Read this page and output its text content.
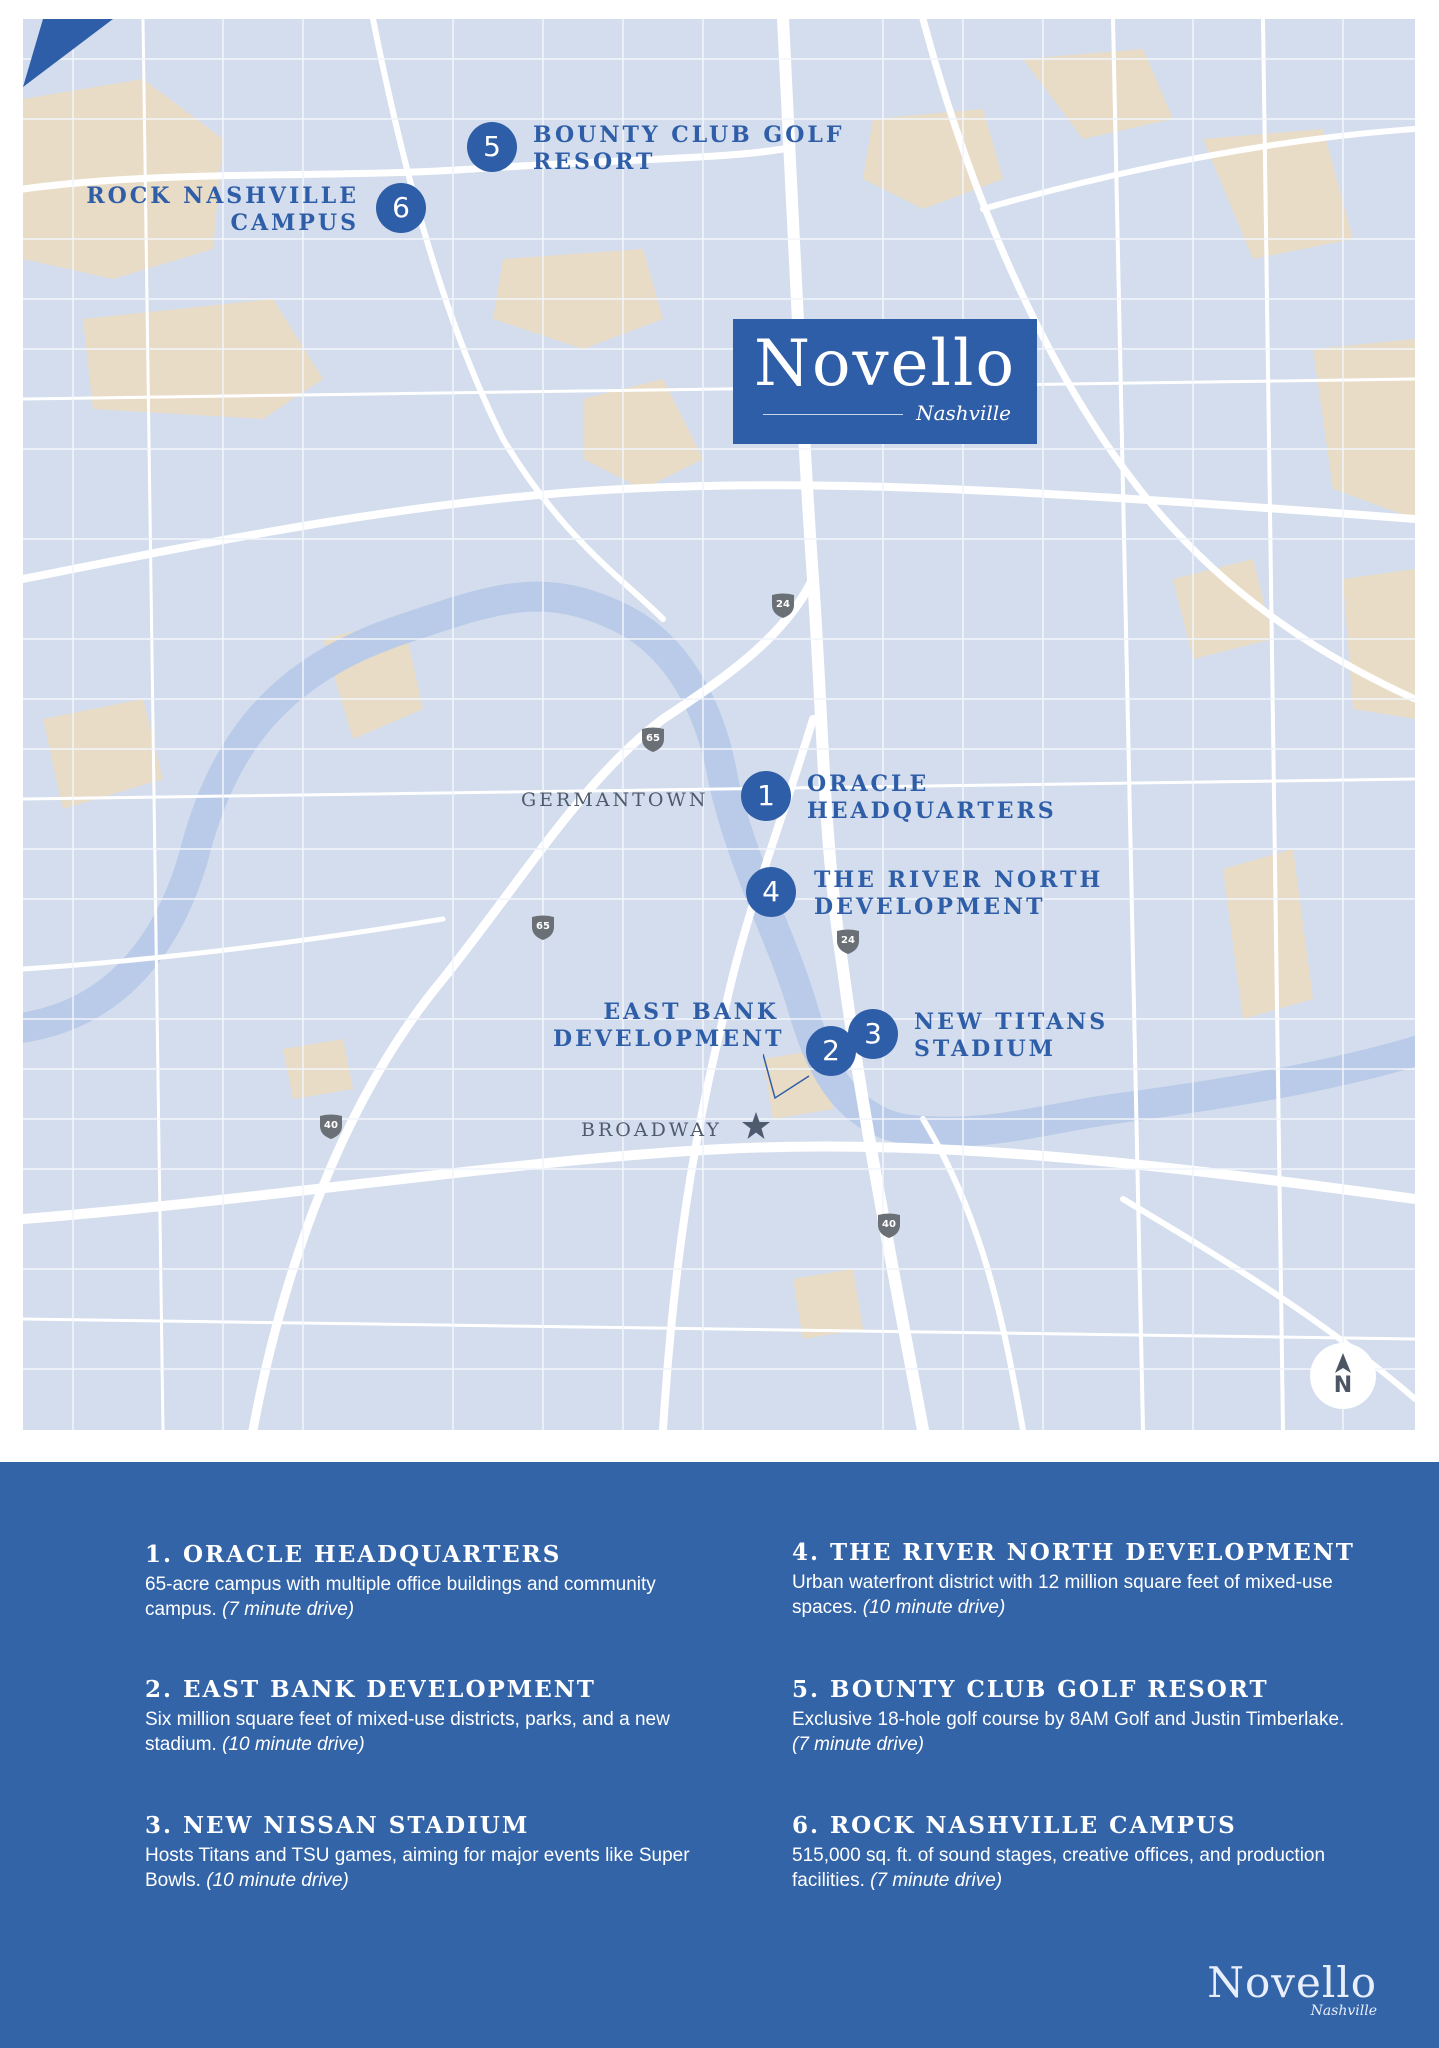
Novello
Nashville
1	ORACLE
HEADQUARTERS
4	THE RIVER NORTH
DEVELOPMENT
2
EAST BANK
DEVELOPMENT	3	NEW TITANS
STADIUM
5	BOUNTY CLUB GOLF
RESORT
6
ROCK NASHVILLE
CAMPUS
GERMANTOWN
BROADWAY
24
65
65
24
40
40
N
1. ORACLE HEADQUARTERS
65-acre campus with multiple office buildings and community campus. (7 minute drive)
2. EAST BANK DEVELOPMENT
Six million square feet of mixed-use districts, parks, and a new stadium. (10 minute drive)
3. NEW NISSAN STADIUM
Hosts Titans and TSU games, aiming for major events like Super Bowls. (10 minute drive)
4. THE RIVER NORTH DEVELOPMENT
Urban waterfront district with 12 million square feet of mixed-use spaces. (10 minute drive)
5. BOUNTY CLUB GOLF RESORT
Exclusive 18-hole golf course by 8AM Golf and Justin Timberlake. (7 minute drive)
6. ROCK NASHVILLE CAMPUS
515,000 sq. ft. of sound stages, creative offices, and production facilities. (7 minute drive)
Novello
Nashville
